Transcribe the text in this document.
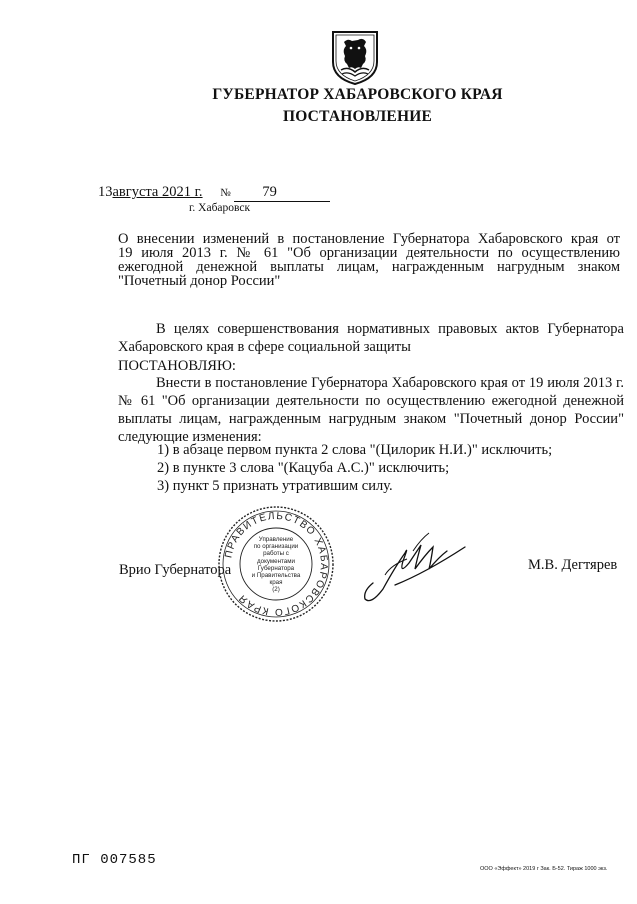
ГУБЕРНАТОР ХАБАРОВСКОГО КРАЯ
ПОСТАНОВЛЕНИЕ
13августа 2021 г. № 79
г. Хабаровск
О внесении изменений в постановление Губернатора Хабаровского края от
19 июля 2013 г. № 61 "Об организации деятельности по осуществлению
ежегодной денежной выплаты лицам, награжденным нагрудным знаком
"Почетный донор России"
В целях совершенствования нормативных правовых актов Губернатора Хабаровского края в сфере социальной защиты
ПОСТАНОВЛЯЮ:
Внести в постановление Губернатора Хабаровского края от 19 июля 2013 г. № 61 "Об организации деятельности по осуществлению ежегодной денежной выплаты лицам, награжденным нагрудным знаком "Почетный донор России" следующие изменения:
1) в абзаце первом пункта 2 слова "(Цилорик Н.И.)" исключить;
2) в пункте 3 слова "(Кацуба А.С.)" исключить;
3) пункт 5 признать утратившим силу.
Врио Губернатора
ПРАВИТЕЛЬСТВО ХАБАРОВСКОГО КРАЯ
Управление
по организации
работы с документами
Губернатора
и Правительства
края
(2)
М.В. Дегтярев
ПГ 007585
ООО «Эффект» 2019 г Зак. Б-52. Тираж 1000 экз.
